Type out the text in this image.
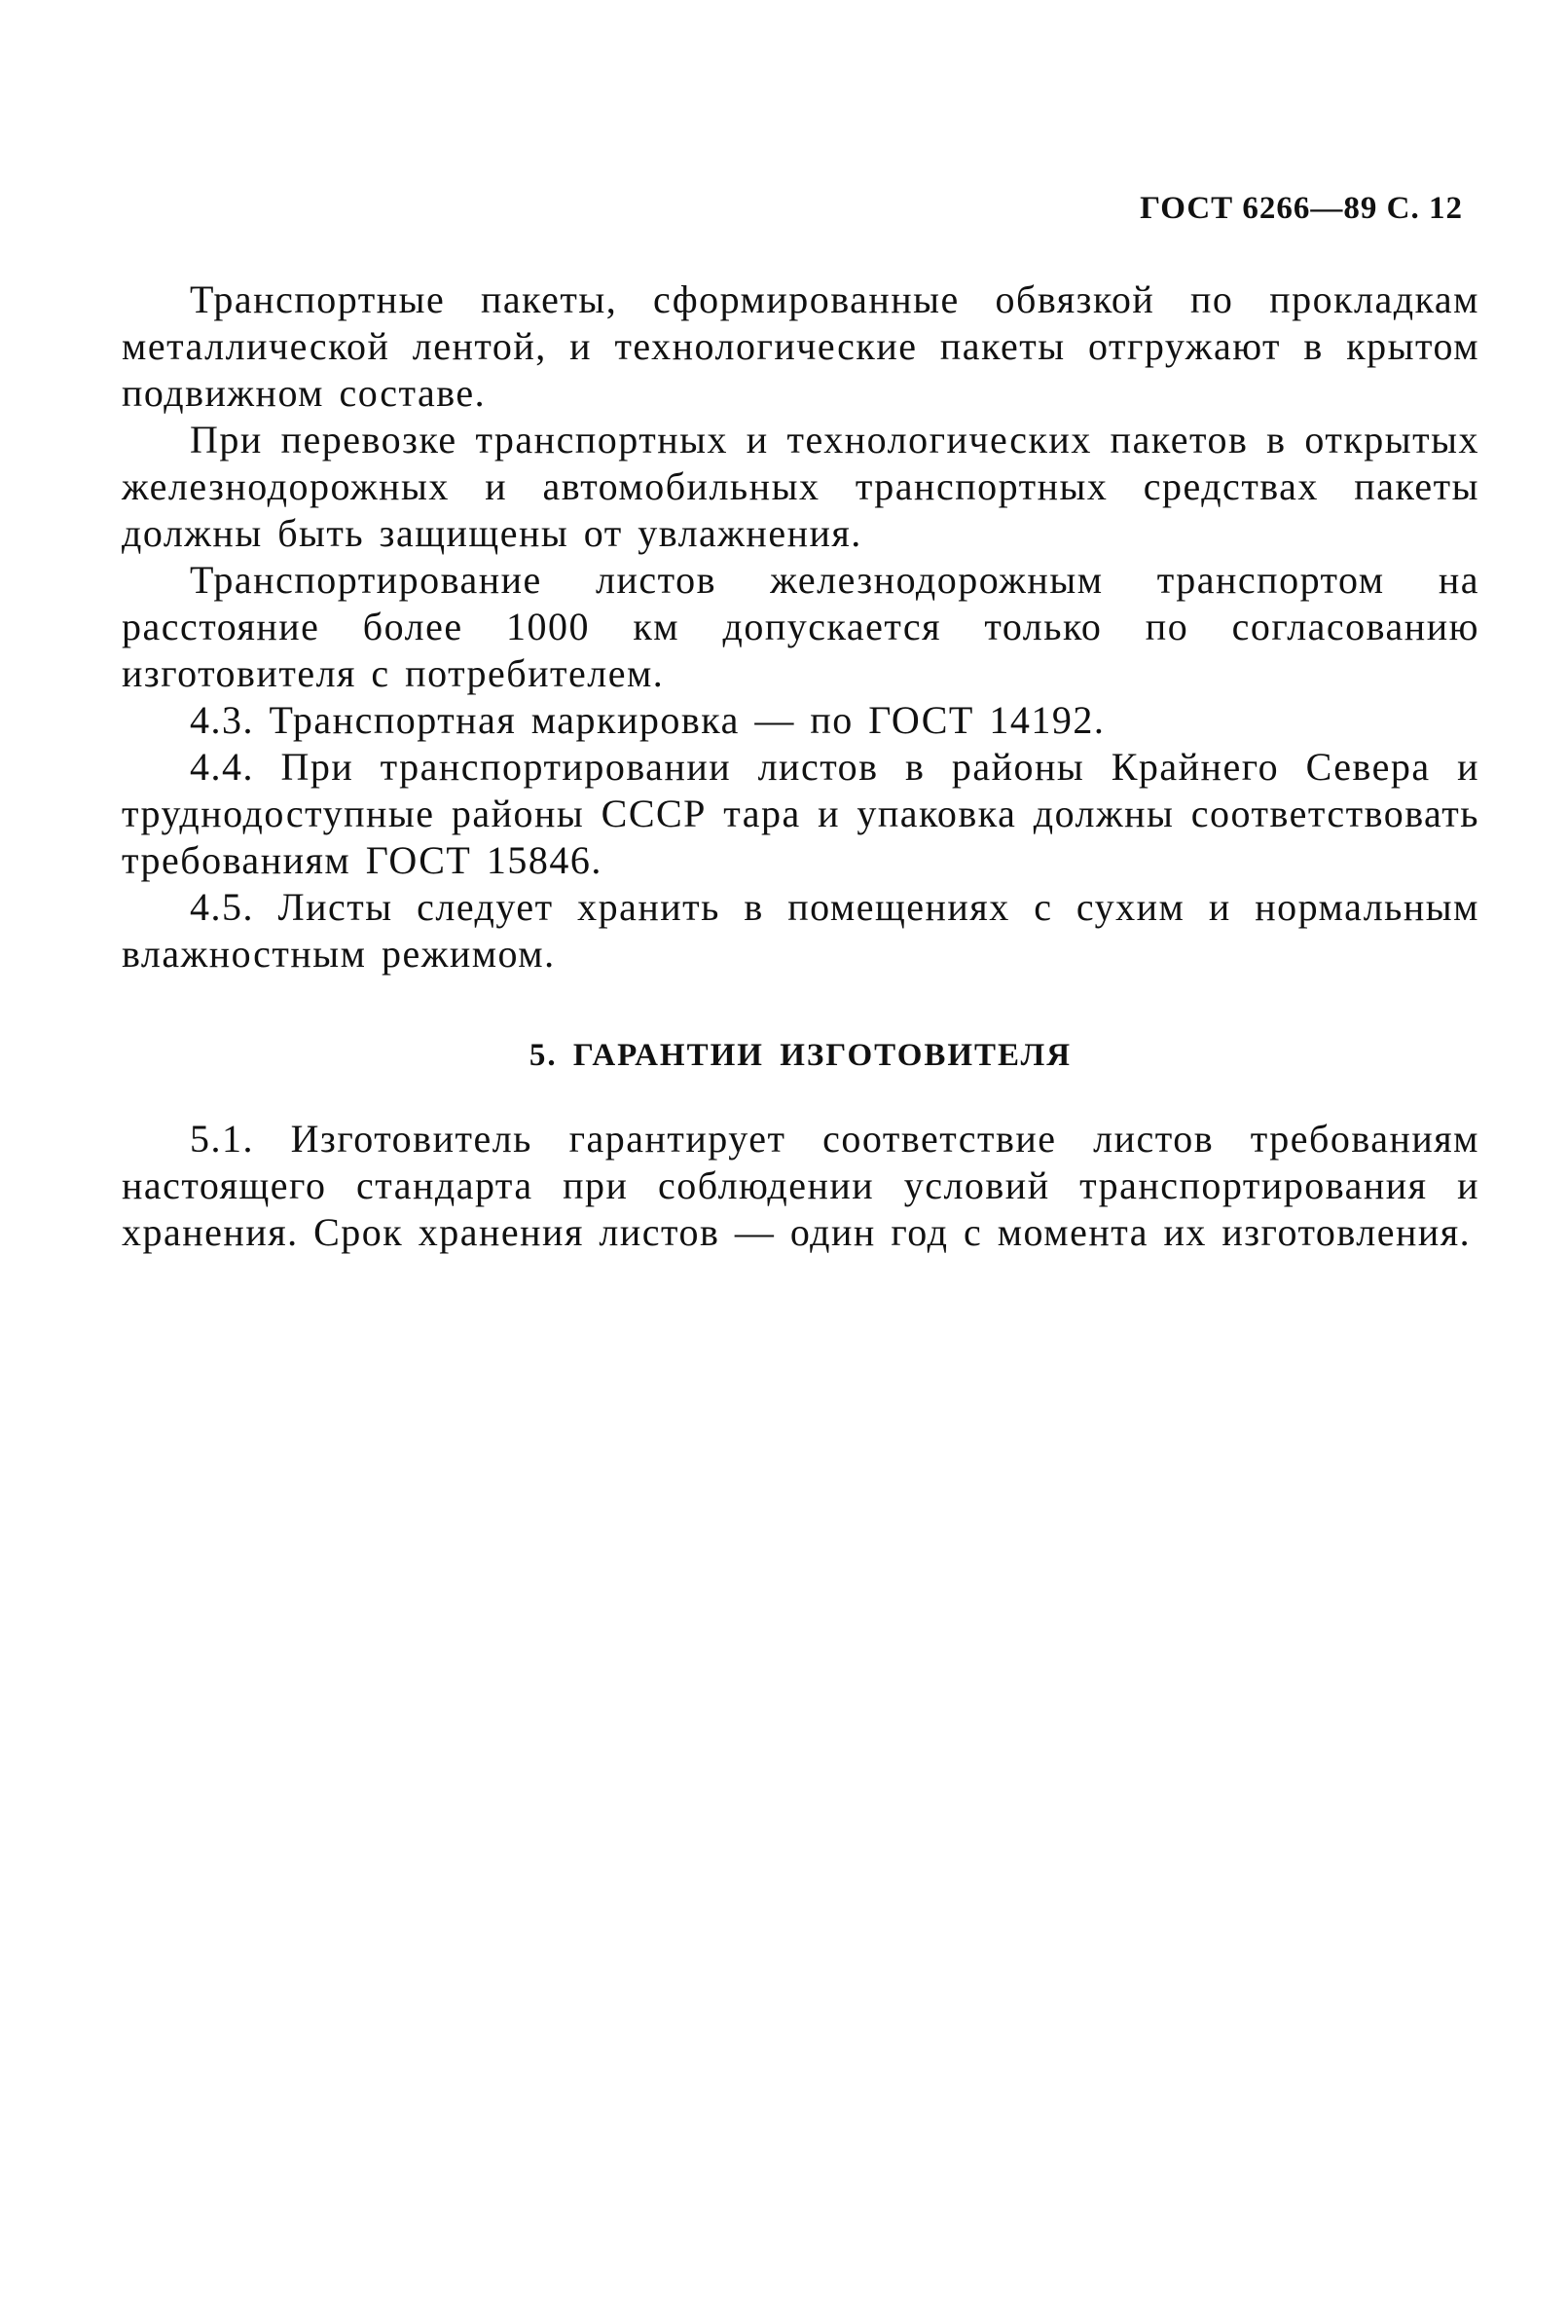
ГОСТ 6266—89 С. 12

Транспортные пакеты, сформированные обвязкой по прокладкам металлической лентой, и технологические пакеты отгружают в крытом подвижном составе.

При перевозке транспортных и технологических пакетов в открытых железнодорожных и автомобильных транспортных средствах пакеты должны быть защищены от увлажнения.

Транспортирование листов железнодорожным транспортом на расстояние более 1000 км допускается только по согласованию изготовителя с потребителем.

4.3. Транспортная маркировка — по ГОСТ 14192.

4.4. При транспортировании листов в районы Крайнего Севера и труднодоступные районы СССР тара и упаковка должны соответствовать требованиям ГОСТ 15846.

4.5. Листы следует хранить в помещениях с сухим и нормальным влажностным режимом.

5. ГАРАНТИИ ИЗГОТОВИТЕЛЯ

5.1. Изготовитель гарантирует соответствие листов требованиям настоящего стандарта при соблюдении условий транспортирования и хранения. Срок хранения листов — один год с момента их изготовления.
